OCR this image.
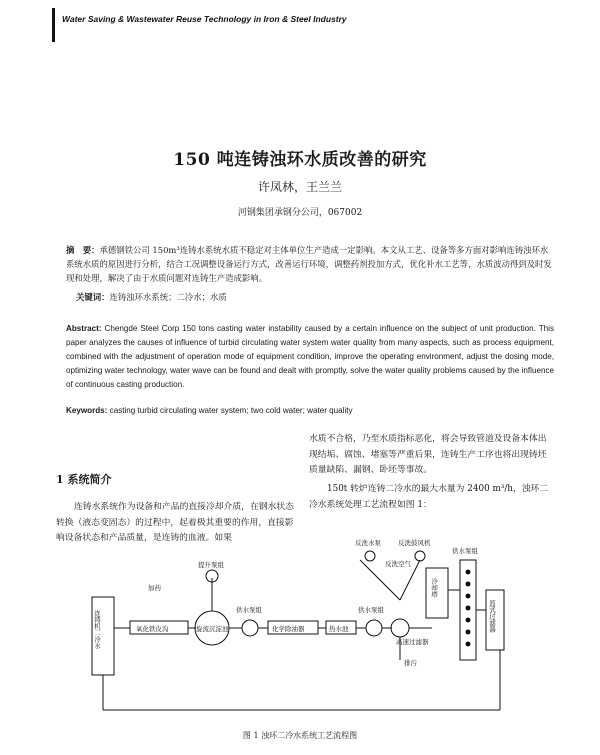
Water Saving & Wastewater Reuse Technology in Iron & Steel Industry
150 吨连铸浊环水质改善的研究
许凤林，王兰兰
河钢集团承钢分公司，067002
摘　要：承德钢铁公司 150m³连铸水系统水质不稳定对主体单位生产造成一定影响。本文从工艺、设备等多方面对影响连铸浊环水系统水质的原因进行分析，结合工况调整设备运行方式，改善运行环境，调整药剂投加方式，优化补水工艺等，水质波动得到及时发现和处理，解决了由于水质问题对连铸生产造成影响。
关键词：连铸浊环水系统；二冷水；水质
Abstract: Chengde Steel Corp 150 tons casting water instability caused by a certain influence on the subject of unit production. This paper analyzes the causes of influence of turbid circulating water system water quality from many aspects, such as process equipment, combined with the adjustment of operation mode of equipment condition, improve the operating environment, adjust the dosing mode, optimizing water technology, water wave can be found and dealt with promptly, solve the water quality problems caused by the influence of continuous casting production.
Keywords: casting turbid circulating water system; two cold water; water quality
1 系统简介
连铸水系统作为设备和产品的直接冷却介质，在钢水状态转换（液态变固态）的过程中，起着极其重要的作用，直接影响设备状态和产品质量，是连铸的血液。如果
水质不合格，乃至水质指标恶化，将会导致管道及设备本体出现结垢、腐蚀、堵塞等严重后果，连铸生产工序也将出现铸坯质量缺陷、漏钢、卧坯等事故。
150t 转炉连铸二冷水的最大水量为 2400 m³/h，浊环二冷水系统处理工艺流程如图 1：
连铸机二冷水	氧化铁皮沟	旋流沉淀池
提升泵组
加药
供水泵组
化学除油器	热水池
供水泵组
反洗水泵	反洗鼓风机
反洗空气
高速过滤器
排污
冷却塔
供水泵组
篮式过滤器
图 1 浊环二冷水系统工艺流程图
